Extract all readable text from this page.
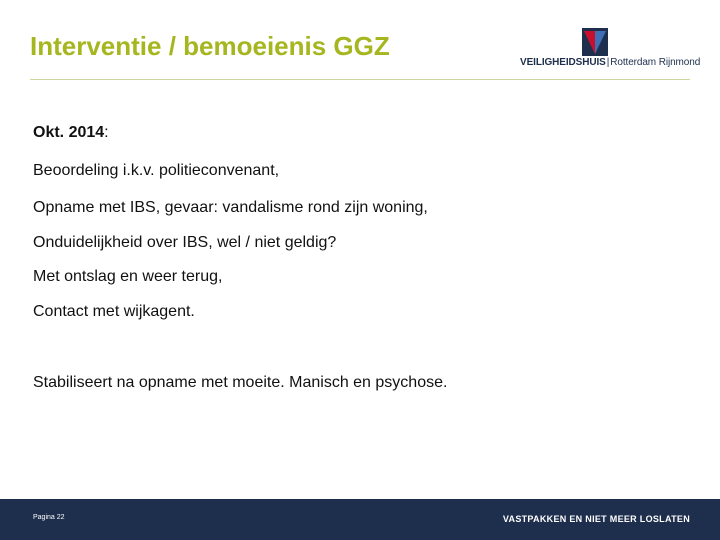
Interventie / bemoeienis GGZ
VEILIGHEIDSHUIS|Rotterdam Rijnmond
Okt. 2014:
Beoordeling i.k.v. politieconvenant,
Opname met IBS, gevaar: vandalisme rond zijn woning,
Onduidelijkheid over IBS, wel / niet geldig?
Met ontslag en weer terug,
Contact met wijkagent.
Stabiliseert na opname met moeite. Manisch en psychose.
Pagina 22	VASTPAKKEN EN NIET MEER LOSLATEN
